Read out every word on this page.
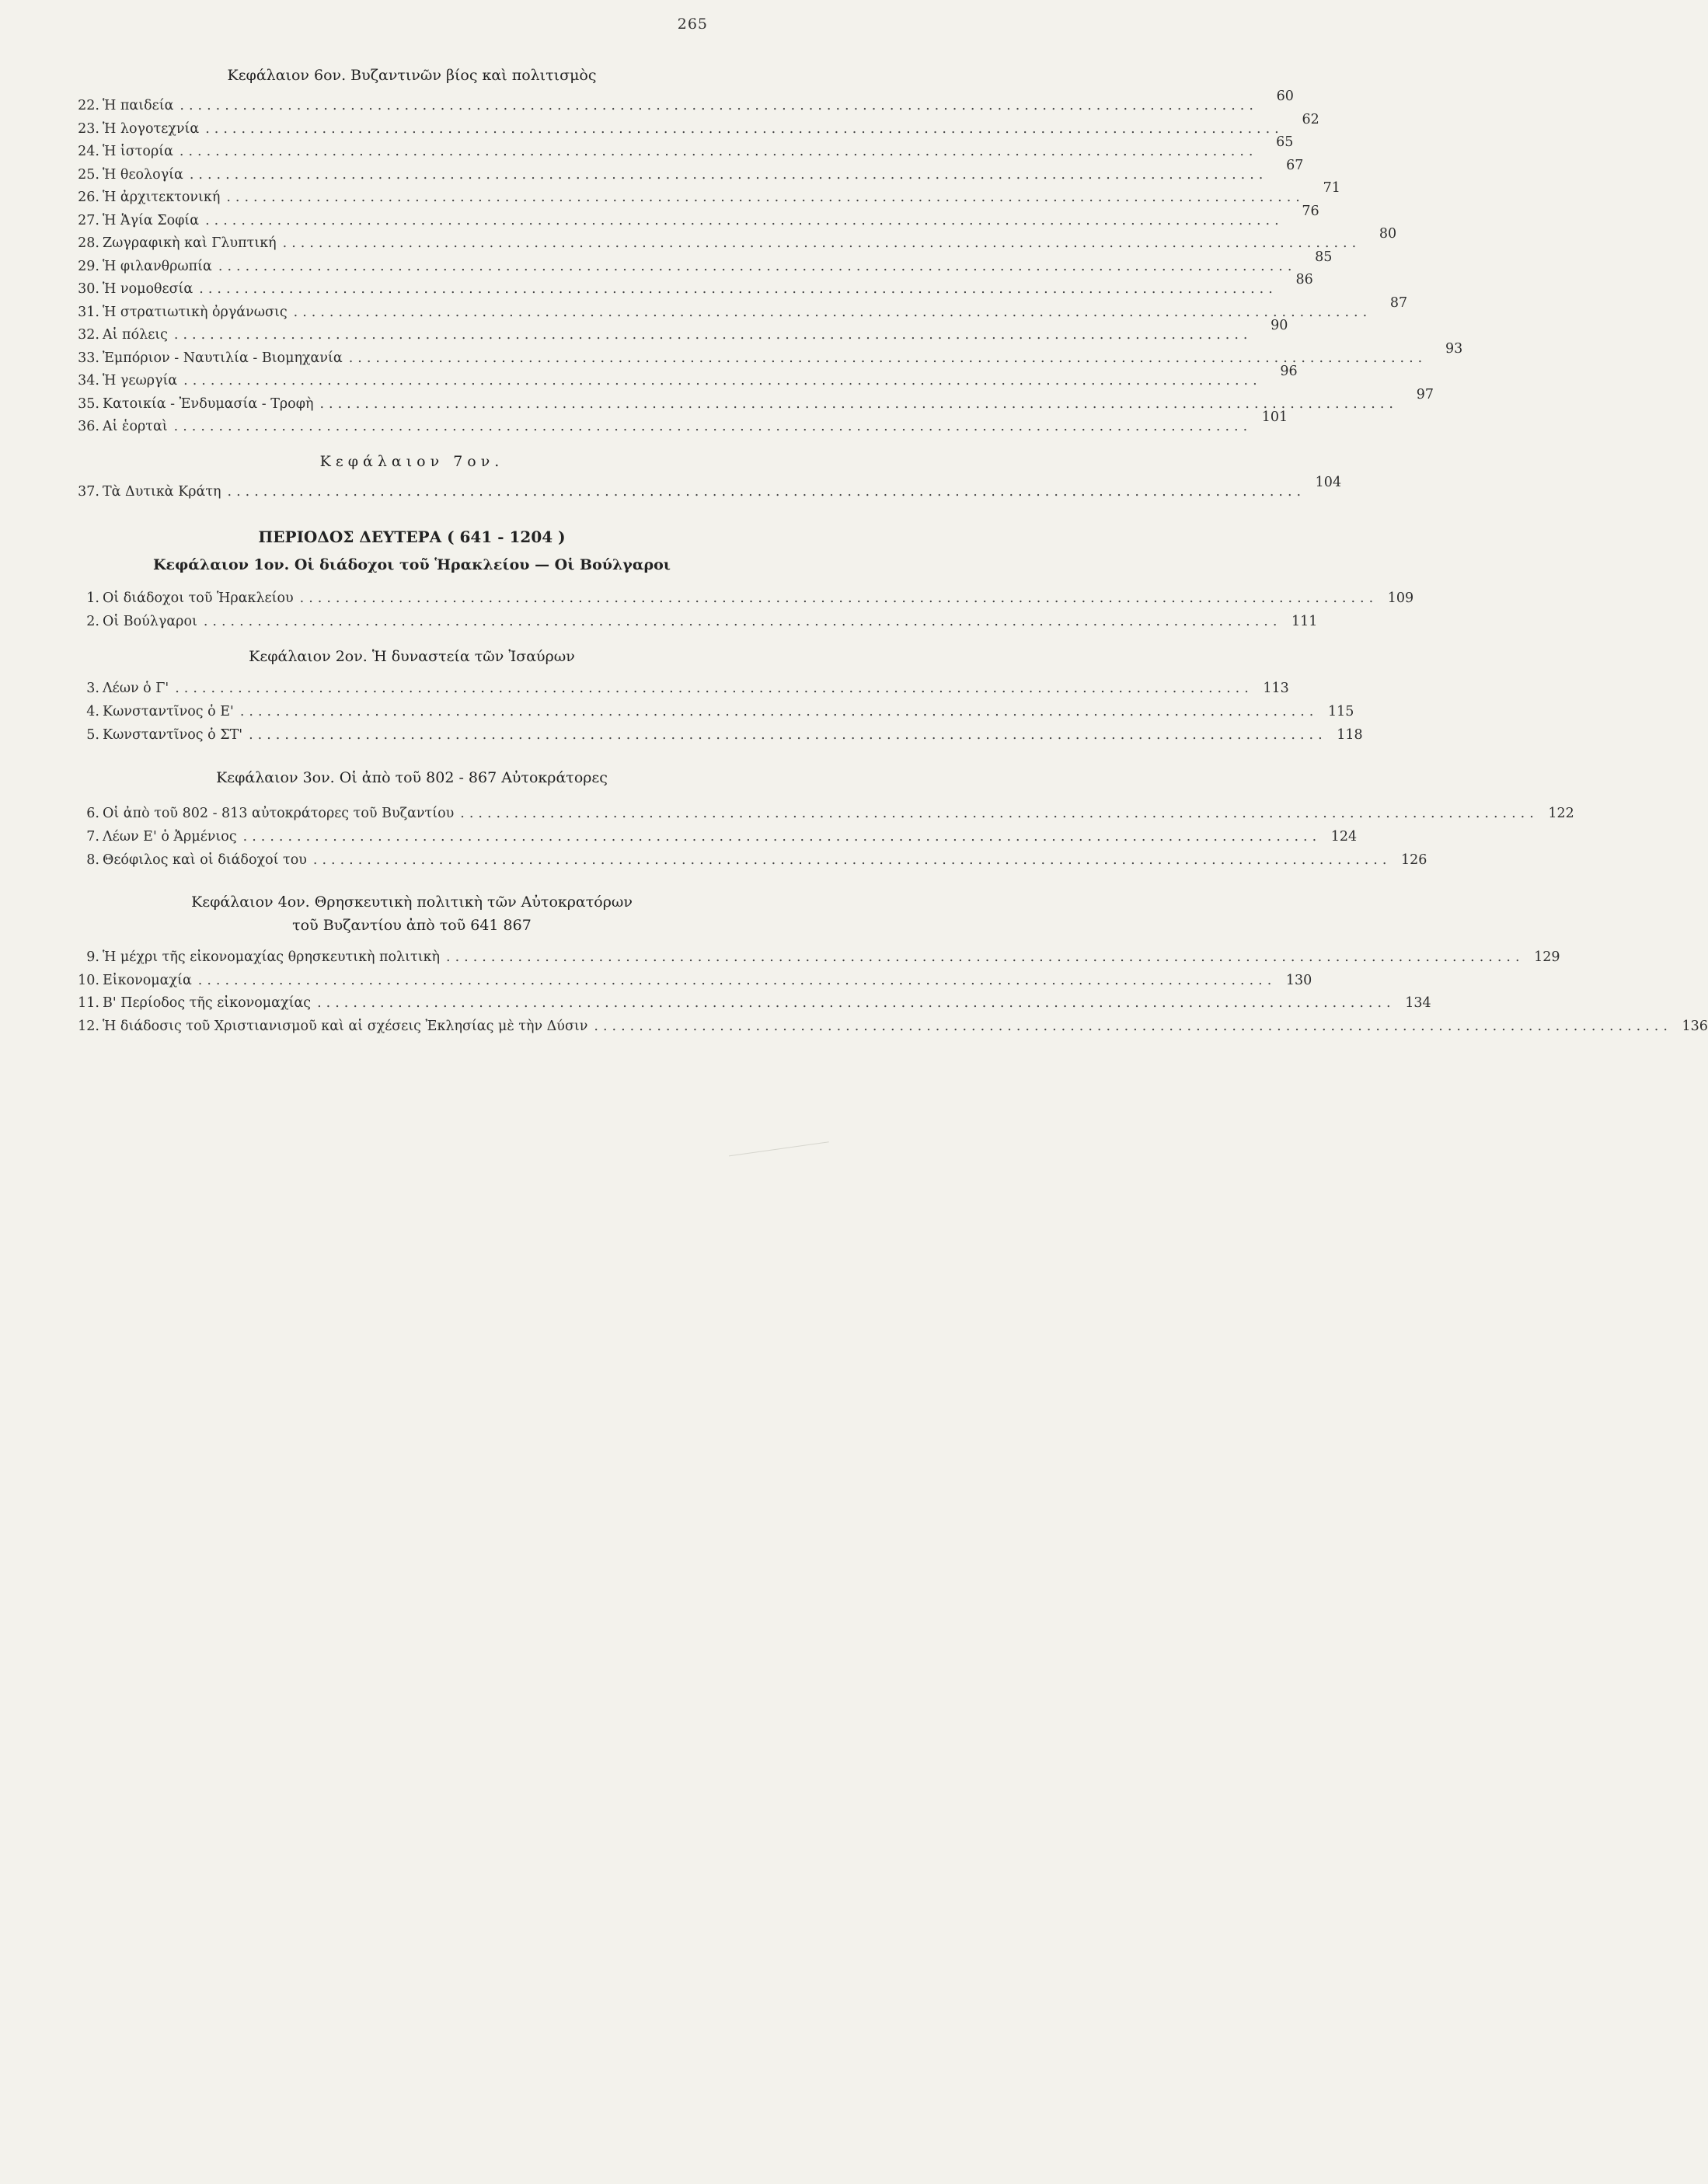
265
Κεφάλαιον 6ον. Βυζαντινῶν βίος καὶ πολιτισμὸς
22. Ἡ παιδεία ........................................................................................................................
60
23. Ἡ λογοτεχνία ........................................................................................................................
62
24. Ἡ ἱστορία ........................................................................................................................
65
25. Ἡ θεολογία ........................................................................................................................
67
26. Ἡ ἀρχιτεκτονική ........................................................................................................................
71
27. Ἡ Ἁγία Σοφία ........................................................................................................................
76
28. Ζωγραφικὴ καὶ Γλυπτική ........................................................................................................................
80
29. Ἡ φιλανθρωπία ........................................................................................................................
85
30. Ἡ νομοθεσία ........................................................................................................................
86
31. Ἡ στρατιωτικὴ ὀργάνωσις ........................................................................................................................
87
32. Αἱ πόλεις ........................................................................................................................
90
33. Ἐμπόριον - Ναυτιλία - Βιομηχανία ........................................................................................................................
93
34. Ἡ γεωργία ........................................................................................................................
96
35. Κατοικία - Ἐνδυμασία - Τροφὴ ........................................................................................................................
97
36. Αἱ ἑορταὶ ........................................................................................................................
101
Κεφάλαιον 7ον.
37. Τὰ Δυτικὰ Κράτη ........................................................................................................................
104
ΠΕΡΙΟΔΟΣ ΔΕΥΤΕΡΑ ( 641 - 1204 )
Κεφάλαιον 1ον. Οἱ διάδοχοι τοῦ Ἡρακλείου — Οἱ Βούλγαροι
1. Οἱ διάδοχοι τοῦ Ἡρακλείου ........................................................................................................................ 109
2. Οἱ Βούλγαροι ........................................................................................................................ 111
Κεφάλαιον 2ον. Ἡ δυναστεία τῶν Ἰσαύρων
3. Λέων ὁ Γ' ........................................................................................................................ 113
4. Κωνσταντῖνος ὁ Ε' ........................................................................................................................ 115
5. Κωνσταντῖνος ὁ ΣΤ' ........................................................................................................................ 118
Κεφάλαιον 3ον. Οἱ ἀπὸ τοῦ 802 - 867 Αὐτοκράτορες
6. Οἱ ἀπὸ τοῦ 802 - 813 αὐτοκράτορες τοῦ Βυζαντίου ........................................................................................................................ 122
7. Λέων Ε' ὁ Ἀρμένιος ........................................................................................................................ 124
8. Θεόφιλος καὶ οἱ διάδοχοί του ........................................................................................................................ 126
Κεφάλαιον 4ον. Θρησκευτικὴ πολιτικὴ τῶν Αὐτοκρατόρων
τοῦ Βυζαντίου ἀπὸ τοῦ 641 867
9. Ἡ μέχρι τῆς εἰκονομαχίας θρησκευτικὴ πολιτικὴ ........................................................................................................................ 129
10. Εἰκονομαχία ........................................................................................................................ 130
11. Β' Περίοδος τῆς εἰκονομαχίας ........................................................................................................................ 134
12. Ἡ διάδοσις τοῦ Χριστιανισμοῦ καὶ αἱ σχέσεις Ἐκλησίας μὲ τὴν Δύσιν ........................................................................................................................ 136
